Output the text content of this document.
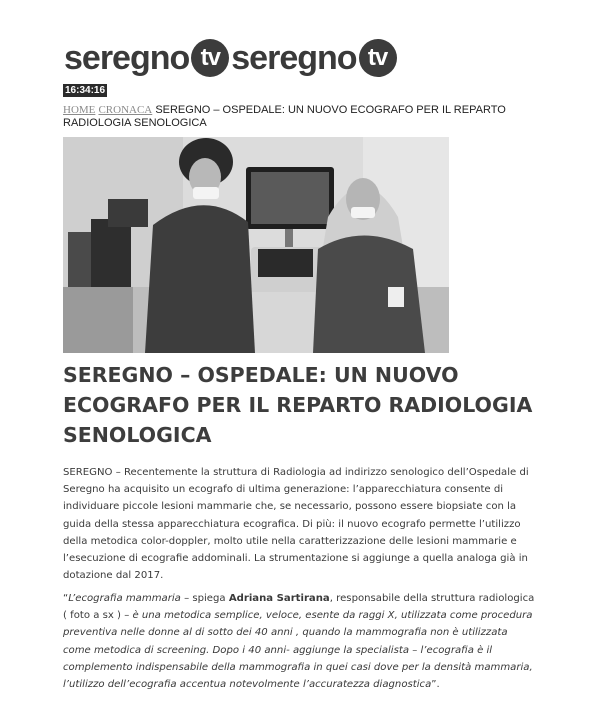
seregno tv seregno tv
16:34:16
HOME CRONACA SEREGNO – OSPEDALE: UN NUOVO ECOGRAFO PER IL REPARTO RADIOLOGIA SENOLOGICA
SEREGNO – OSPEDALE: UN NUOVO ECOGRAFO PER IL REPARTO RADIOLOGIA SENOLOGICA

SEREGNO – Recentemente la struttura di Radiologia ad indirizzo senologico dell’Ospedale di Seregno ha acquisito un ecografo di ultima generazione: l’apparecchiatura consente di individuare piccole lesioni mammarie che, se necessario, possono essere biopsiate con la guida della stessa apparecchiatura ecografica. Di più: il nuovo ecografo permette l’utilizzo della metodica color-doppler, molto utile nella caratterizzazione delle lesioni mammarie e l’esecuzione di ecografie addominali. La strumentazione si aggiunge a quella analoga già in dotazione dal 2017.

“L’ecografia mammaria – spiega Adriana Sartirana, responsabile della struttura radiologica ( foto a sx ) – è una metodica semplice, veloce, esente da raggi X, utilizzata come procedura preventiva nelle donne al di sotto dei 40 anni , quando la mammografia non è utilizzata come metodica di screening. Dopo i 40 anni- aggiunge la specialista – l’ecografia è il complemento indispensabile della mammografia in quei casi dove per la densità mammaria, l’utilizzo dell’ecografia accentua notevolmente l’accuratezza diagnostica”.
